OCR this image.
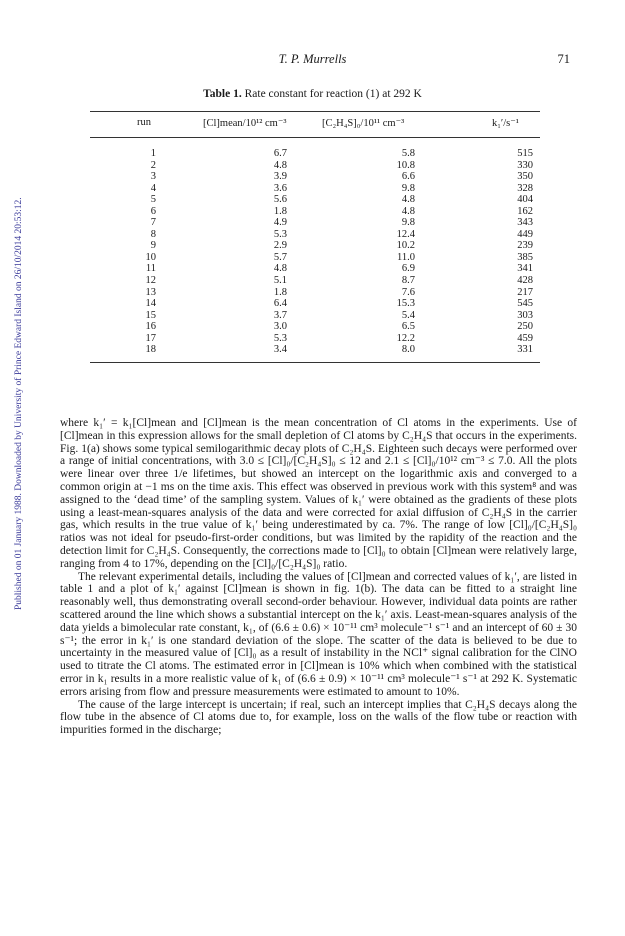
Published on 01 January 1988. Downloaded by University of Prince Edward Island on 26/10/2014 20:53:12.
T. P. Murrells	71
Table 1. Rate constant for reaction (1) at 292 K
run	[Cl]mean/10¹² cm⁻³	[C₂H₄S]₀/10¹¹ cm⁻³	k₁′/s⁻¹
1	6.7	5.8	515
2	4.8	10.8	330
3	3.9	6.6	350
4	3.6	9.8	328
5	5.6	4.8	404
6	1.8	4.8	162
7	4.9	9.8	343
8	5.3	12.4	449
9	2.9	10.2	239
10	5.7	11.0	385
11	4.8	6.9	341
12	5.1	8.7	428
13	1.8	7.6	217
14	6.4	15.3	545
15	3.7	5.4	303
16	3.0	6.5	250
17	5.3	12.2	459
18	3.4	8.0	331

where k₁′ = k₁[Cl]mean and [Cl]mean is the mean concentration of Cl atoms in the experiments. Use of [Cl]mean in this expression allows for the small depletion of Cl atoms by C₂H₄S that occurs in the experiments. Fig. 1(a) shows some typical semilogarithmic decay plots of C₂H₄S. Eighteen such decays were performed over a range of initial concentrations, with 3.0 ≤ [Cl]₀/[C₂H₄S]₀ ≤ 12 and 2.1 ≤ [Cl]₀/10¹² cm⁻³ ≤ 7.0. All the plots were linear over three 1/e lifetimes, but showed an intercept on the logarithmic axis and converged to a common origin at −1 ms on the time axis. This effect was observed in previous work with this system⁸ and was assigned to the ‘dead time’ of the sampling system. Values of k₁′ were obtained as the gradients of these plots using a least-mean-squares analysis of the data and were corrected for axial diffusion of C₂H₄S in the carrier gas, which results in the true value of k₁′ being underestimated by ca. 7%. The range of low [Cl]₀/[C₂H₄S]₀ ratios was not ideal for pseudo-first-order conditions, but was limited by the rapidity of the reaction and the detection limit for C₂H₄S. Consequently, the corrections made to [Cl]₀ to obtain [Cl]mean were relatively large, ranging from 4 to 17%, depending on the [Cl]₀/[C₂H₄S]₀ ratio.

The relevant experimental details, including the values of [Cl]mean and corrected values of k₁′, are listed in table 1 and a plot of k₁′ against [Cl]mean is shown in fig. 1(b). The data can be fitted to a straight line reasonably well, thus demonstrating overall second-order behaviour. However, individual data points are rather scattered around the line which shows a substantial intercept on the k₁′ axis. Least-mean-squares analysis of the data yields a bimolecular rate constant, k₁, of (6.6 ± 0.6) × 10⁻¹¹ cm³ molecule⁻¹ s⁻¹ and an intercept of 60 ± 30 s⁻¹; the error in k₁′ is one standard deviation of the slope. The scatter of the data is believed to be due to uncertainty in the measured value of [Cl]₀ as a result of instability in the NCl⁺ signal calibration for the ClNO used to titrate the Cl atoms. The estimated error in [Cl]mean is 10% which when combined with the statistical error in k₁ results in a more realistic value of k₁ of (6.6 ± 0.9) × 10⁻¹¹ cm³ molecule⁻¹ s⁻¹ at 292 K. Systematic errors arising from flow and pressure measurements were estimated to amount to 10%.

The cause of the large intercept is uncertain; if real, such an intercept implies that C₂H₄S decays along the flow tube in the absence of Cl atoms due to, for example, loss on the walls of the flow tube or reaction with impurities formed in the discharge;
